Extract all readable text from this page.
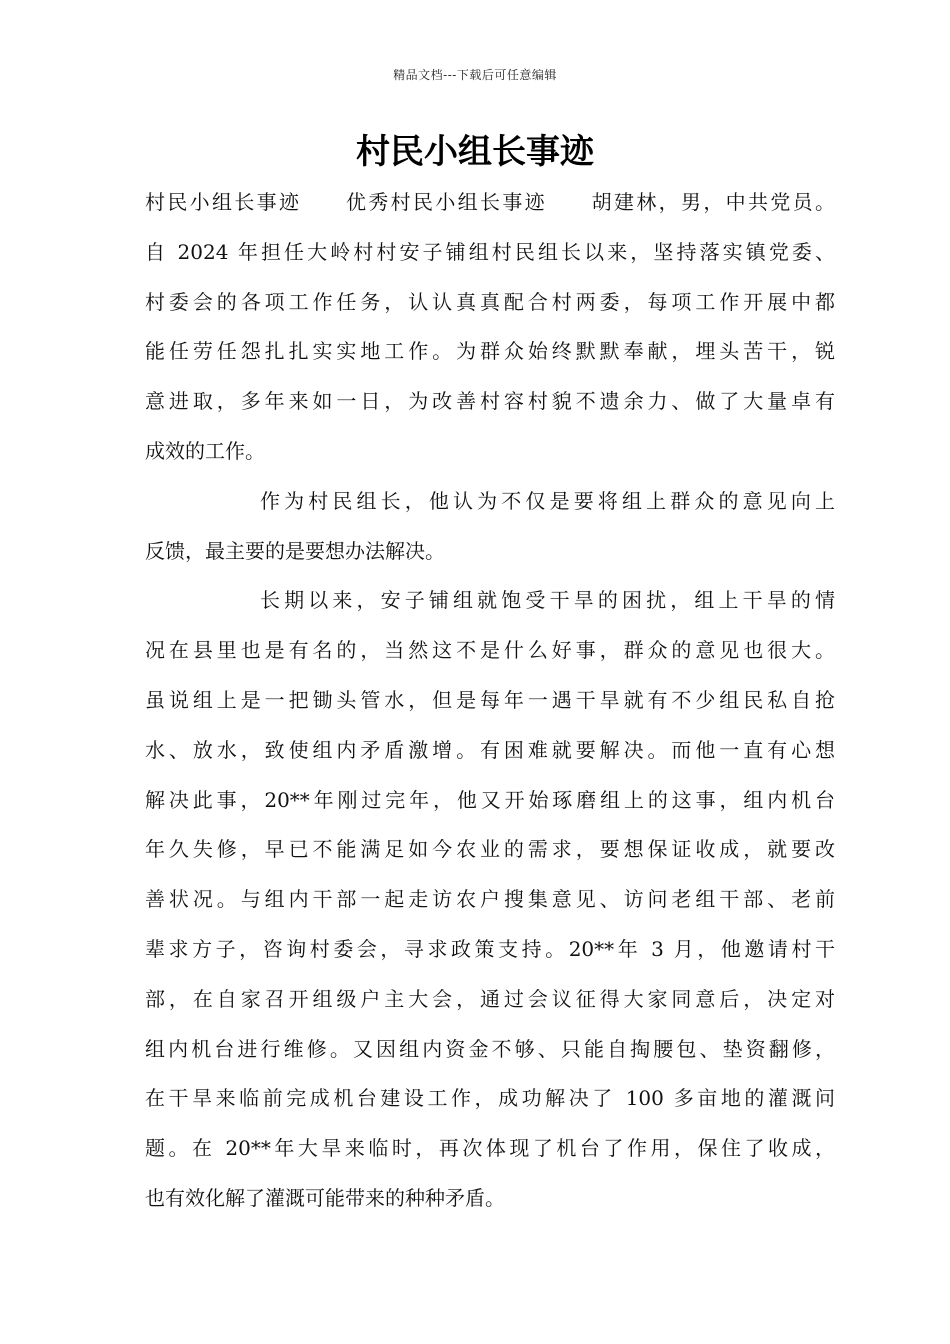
精品文档---下载后可任意编辑
村民小组长事迹
村民小组长事迹　　优秀村民小组长事迹　　胡建林，男，中共党员。
自 2024 年担任大岭村村安子铺组村民组长以来，坚持落实镇党委、
村委会的各项工作任务，认认真真配合村两委，每项工作开展中都
能任劳任怨扎扎实实地工作。为群众始终默默奉献，埋头苦干，锐
意进取，多年来如一日，为改善村容村貌不遗余力、做了大量卓有
成效的工作。
作为村民组长，他认为不仅是要将组上群众的意见向上
反馈，最主要的是要想办法解决。
长期以来，安子铺组就饱受干旱的困扰，组上干旱的情
况在县里也是有名的，当然这不是什么好事，群众的意见也很大。
虽说组上是一把锄头管水，但是每年一遇干旱就有不少组民私自抢
水、放水，致使组内矛盾激增。有困难就要解决。而他一直有心想
解决此事，20**年刚过完年，他又开始琢磨组上的这事，组内机台
年久失修，早已不能满足如今农业的需求，要想保证收成，就要改
善状况。与组内干部一起走访农户搜集意见、访问老组干部、老前
辈求方子，咨询村委会，寻求政策支持。20**年 3 月，他邀请村干
部，在自家召开组级户主大会，通过会议征得大家同意后，决定对
组内机台进行维修。又因组内资金不够、只能自掏腰包、垫资翻修，
在干旱来临前完成机台建设工作，成功解决了 100 多亩地的灌溉问
题。在 20**年大旱来临时，再次体现了机台了作用，保住了收成，
也有效化解了灌溉可能带来的种种矛盾。
